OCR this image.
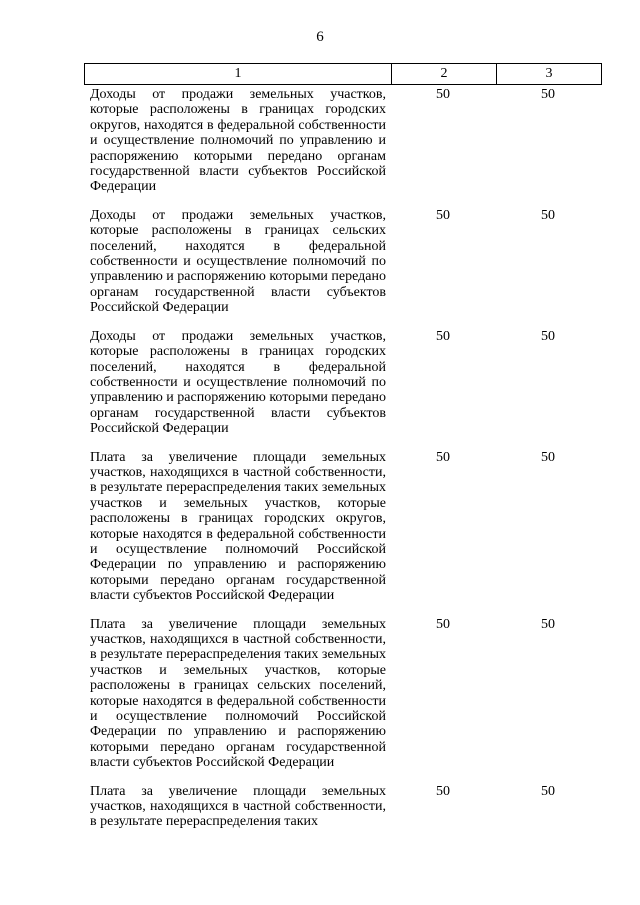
6
1	2	3
Доходы от продажи земельных участков, которые расположены в границах городских округов, находятся в федеральной собственности и осуществление полномочий по управлению и распоряжению которыми передано органам государственной власти субъектов Российской Федерации
50	50
Доходы от продажи земельных участков, которые расположены в границах сельских поселений, находятся в федеральной собственности и осуществление полномочий по управлению и распоряжению которыми передано органам государственной власти субъектов Российской Федерации
50	50
Доходы от продажи земельных участков, которые расположены в границах городских поселений, находятся в федеральной собственности и осуществление полномочий по управлению и распоряжению которыми передано органам государственной власти субъектов Российской Федерации
50	50
Плата за увеличение площади земельных участков, находящихся в частной собственности, в результате перераспределения таких земельных участков и земельных участков, которые расположены в границах городских округов, которые находятся в федеральной собственности и осуществление полномочий Российской Федерации по управлению и распоряжению которыми передано органам государственной власти субъектов Российской Федерации
50	50
Плата за увеличение площади земельных участков, находящихся в частной собственности, в результате перераспределения таких земельных участков и земельных участков, которые расположены в границах сельских поселений, которые находятся в федеральной собственности и осуществление полномочий Российской Федерации по управлению и распоряжению которыми передано органам государственной власти субъектов Российской Федерации
50	50
Плата за увеличение площади земельных участков, находящихся в частной собственности, в результате перераспределения таких
50	50
